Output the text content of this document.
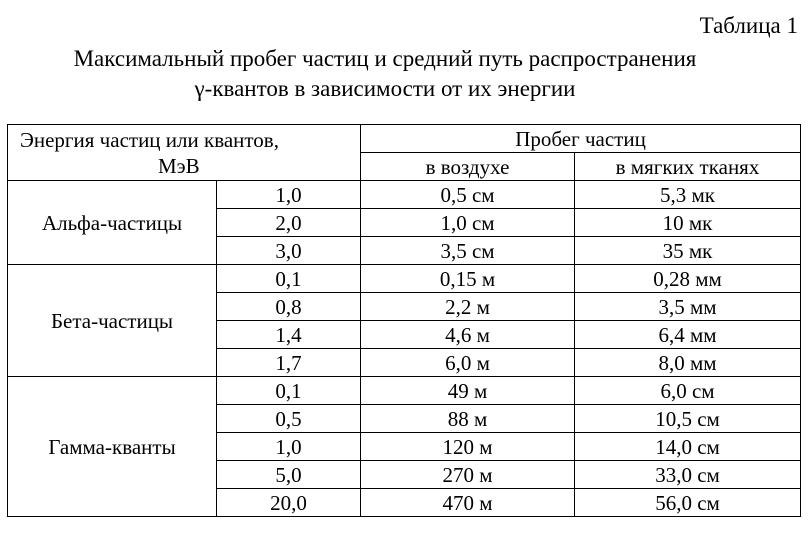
Таблица 1
Максимальный пробег частиц и средний путь распространения
γ-квантов в зависимости от их энергии
Энергия частиц или квантов,
МэВ		Пробег частиц	
		в воздухе	в мягких тканях
Альфа-частицы	1,0	0,5 см	5,3 мк
	2,0	1,0 см	10 мк
	3,0	3,5 см	35 мк
Бета-частицы	0,1	0,15 м	0,28 мм
	0,8	2,2 м	3,5 мм
	1,4	4,6 м	6,4 мм
	1,7	6,0 м	8,0 мм
Гамма-кванты	0,1	49 м	6,0 см
	0,5	88 м	10,5 см
	1,0	120 м	14,0 см
	5,0	270 м	33,0 см
	20,0	470 м	56,0 см
